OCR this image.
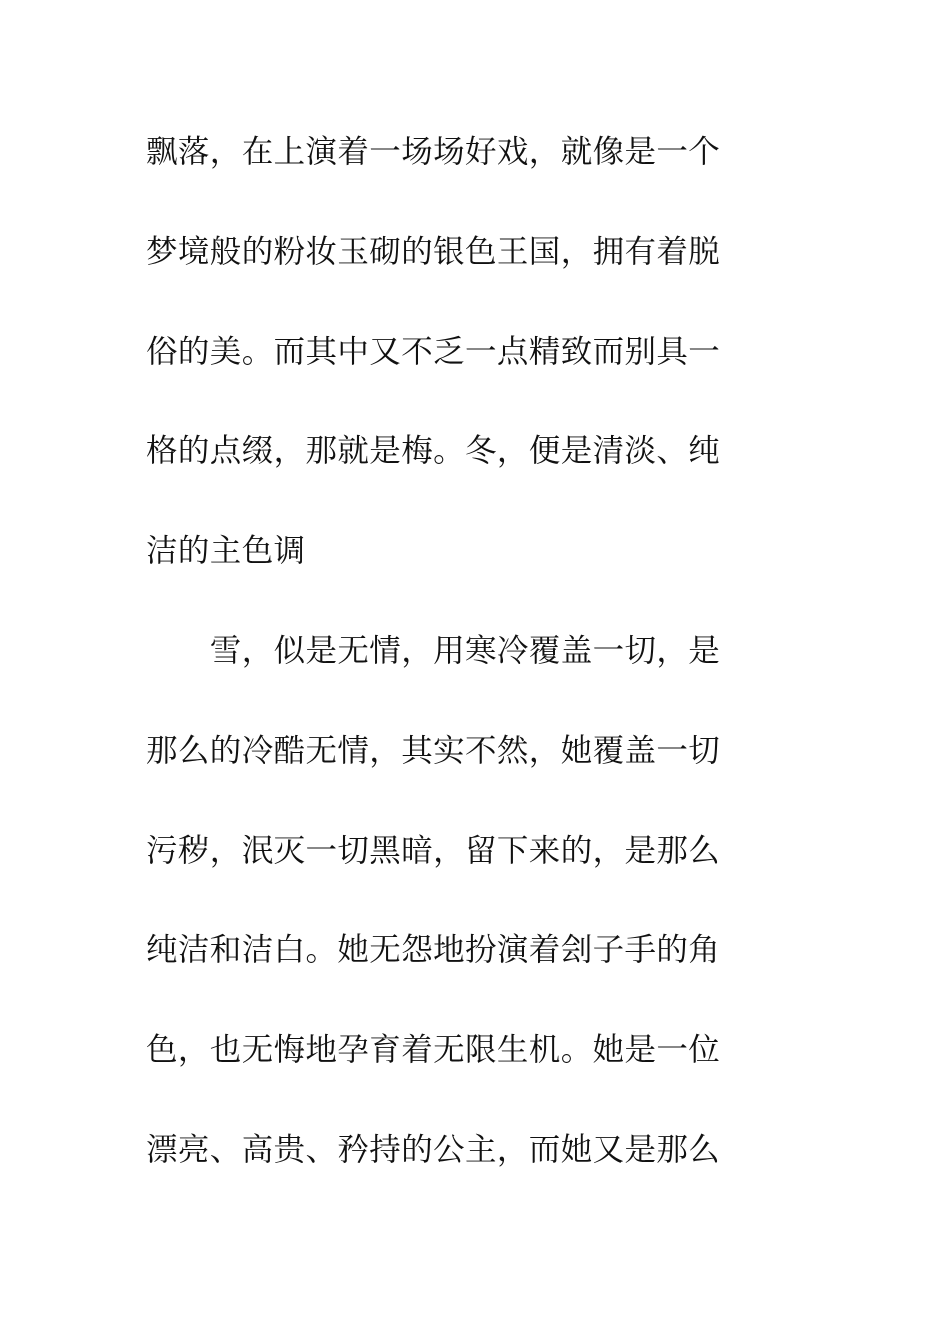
飘落，在上演着一场场好戏，就像是一个
梦境般的粉妆玉砌的银色王国，拥有着脱
俗的美。而其中又不乏一点精致而别具一
格的点缀，那就是梅。冬，便是清淡、纯
洁的主色调
　　雪，似是无情，用寒冷覆盖一切，是
那么的冷酷无情，其实不然，她覆盖一切
污秽，泯灭一切黑暗，留下来的，是那么
纯洁和洁白。她无怨地扮演着刽子手的角
色，也无悔地孕育着无限生机。她是一位
漂亮、高贵、矜持的公主，而她又是那么
